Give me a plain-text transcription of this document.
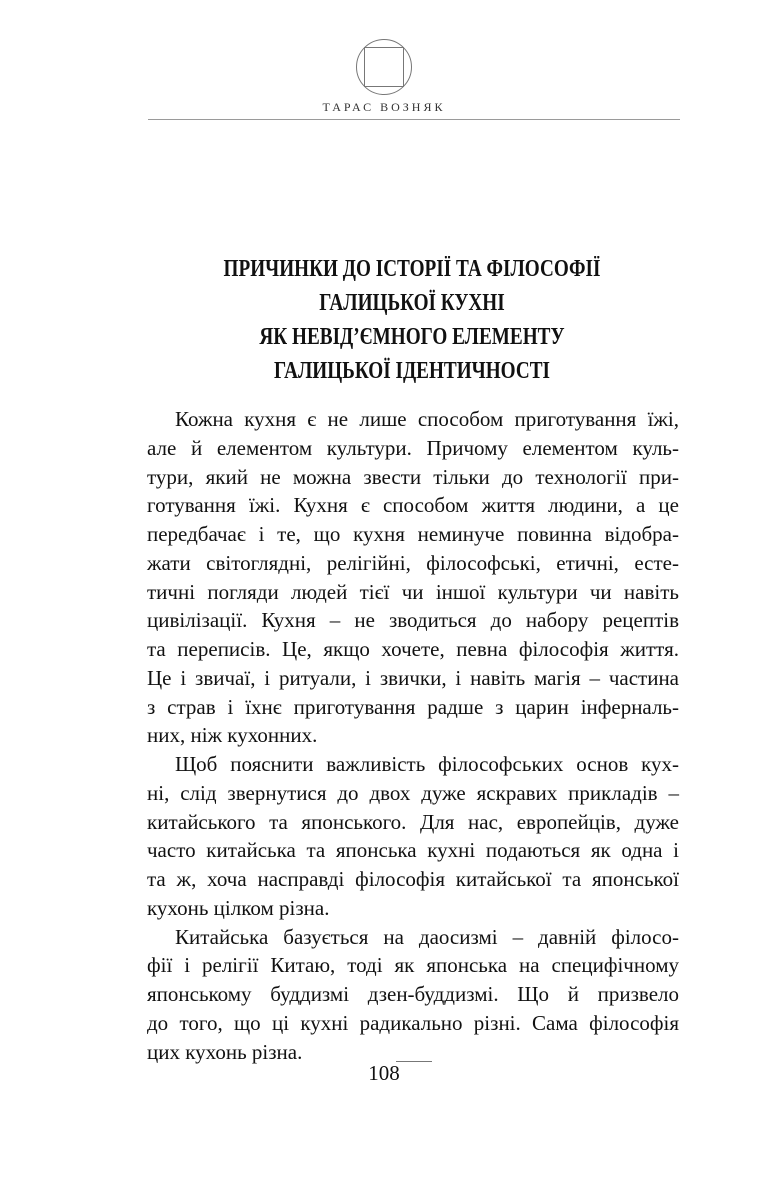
ТАРАС ВОЗНЯК
ПРИЧИНКИ ДО ІСТОРІЇ ТА ФІЛОСОФІЇ
ГАЛИЦЬКОЇ КУХНІ
ЯК НЕВІД’ЄМНОГО ЕЛЕМЕНТУ
ГАЛИЦЬКОЇ ІДЕНТИЧНОСТІ
Кожна кухня є не лише способом приготування їжі,
але й елементом культури. Причому елементом куль-
тури, який не можна звести тільки до технології при-
готування їжі. Кухня є способом життя людини, а це
передбачає і те, що кухня неминуче повинна відобра-
жати світоглядні, релігійні, філософські, етичні, есте-
тичні погляди людей тієї чи іншої культури чи навіть
цивілізації. Кухня – не зводиться до набору рецептів
та переписів. Це, якщо хочете, певна філософія життя.
Це і звичаї, і ритуали, і звички, і навіть магія – частина
з страв і їхнє приготування радше з царин інферналь-
них, ніж кухонних.
Щоб пояснити важливість філософських основ кух-
ні, слід звернутися до двох дуже яскравих прикладів –
китайського та японського. Для нас, европейців, дуже
часто китайська та японська кухні подаються як одна і
та ж, хоча насправді філософія китайської та японської
кухонь цілком різна.
Китайська базується на даосизмі – давній філосо-
фії і релігії Китаю, тоді як японська на специфічному
японському буддизмі дзен-буддизмі. Що й призвело
до того, що ці кухні радикально різні. Сама філософія
цих кухонь різна.
108
